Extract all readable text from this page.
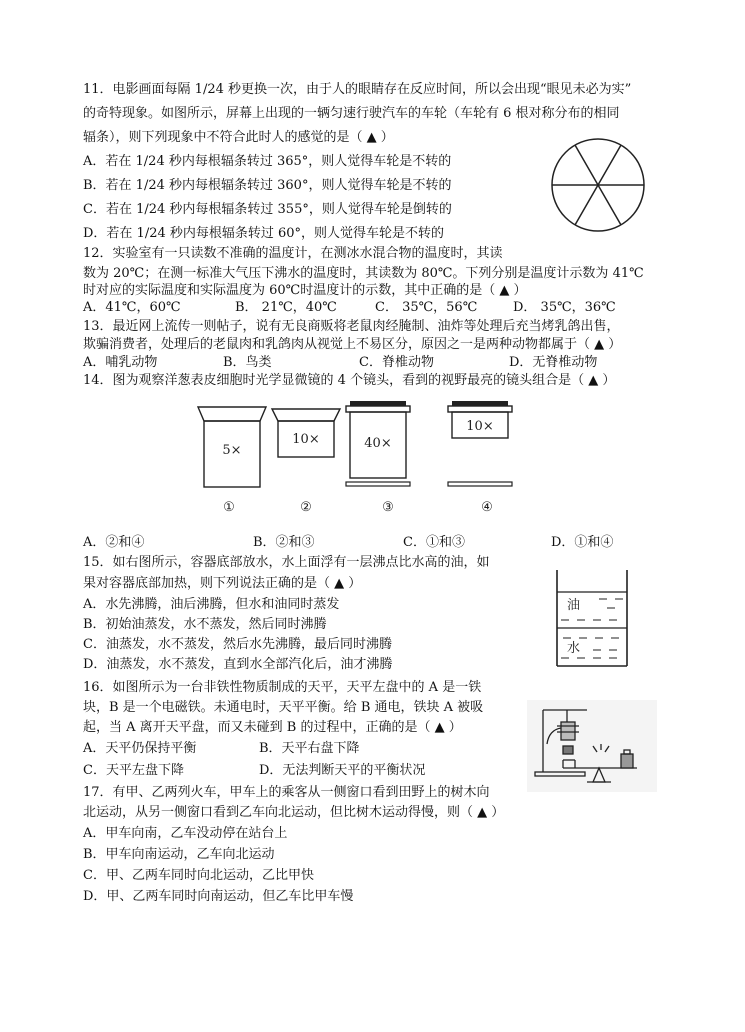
11．电影画面每隔 1/24 秒更换一次，由于人的眼睛存在反应时间，所以会出现“眼见未必为实”
的奇特现象。如图所示，屏幕上出现的一辆匀速行驶汽车的车轮（车轮有 6 根对称分布的相同
辐条），则下列现象中不符合此时人的感觉的是（ ▲ ）
A．若在 1/24 秒内每根辐条转过 365°，则人觉得车轮是不转的
B．若在 1/24 秒内每根辐条转过 360°，则人觉得车轮是不转的
C．若在 1/24 秒内每根辐条转过 355°，则人觉得车轮是倒转的
D．若在 1/24 秒内每根辐条转过 60°，则人觉得车轮是不转的
12．实验室有一只读数不准确的温度计，在测冰水混合物的温度时，其读
数为 20℃；在测一标准大气压下沸水的温度时，其读数为 80℃。下列分别是温度计示数为 41℃
时对应的实际温度和实际温度为 60℃时温度计的示数，其中正确的是（ ▲ ）
A．41℃，60℃	B． 21℃，40℃	C． 35℃，56℃	D． 35℃，36℃
13．最近网上流传一则帖子，说有无良商贩将老鼠肉经腌制、油炸等处理后充当烤乳鸽出售，
欺骗消费者，处理后的老鼠肉和乳鸽肉从视觉上不易区分，原因之一是两种动物都属于（ ▲ ）
A．哺乳动物	B．鸟类	C．脊椎动物	D．无脊椎动物
14．图为观察洋葱表皮细胞时光学显微镜的 4 个镜头，看到的视野最亮的镜头组合是（ ▲ ）
5×
10×	40×
10×
①	②	③	④
A．②和④	B．②和③	C．①和③	D．①和④
15．如右图所示，容器底部放水，水上面浮有一层沸点比水高的油，如
果对容器底部加热，则下列说法正确的是（ ▲ ）
A．水先沸腾，油后沸腾，但水和油同时蒸发
B．初始油蒸发，水不蒸发，然后同时沸腾
C．油蒸发，水不蒸发，然后水先沸腾，最后同时沸腾
D．油蒸发，水不蒸发，直到水全部汽化后，油才沸腾
油
水
16．如图所示为一台非铁性物质制成的天平，天平左盘中的 A 是一铁
块，B 是一个电磁铁。未通电时，天平平衡。给 B 通电，铁块 A 被吸
起，当 A 离开天平盘，而又未碰到 B 的过程中，正确的是（ ▲ ）
A．天平仍保持平衡	B．天平右盘下降
C．天平左盘下降	D．无法判断天平的平衡状况
17．有甲、乙两列火车，甲车上的乘客从一侧窗口看到田野上的树木向
北运动，从另一侧窗口看到乙车向北运动，但比树木运动得慢，则（ ▲ ）
A．甲车向南，乙车没动停在站台上
B．甲车向南运动，乙车向北运动
C．甲、乙两车同时向北运动，乙比甲快
D．甲、乙两车同时向南运动，但乙车比甲车慢
